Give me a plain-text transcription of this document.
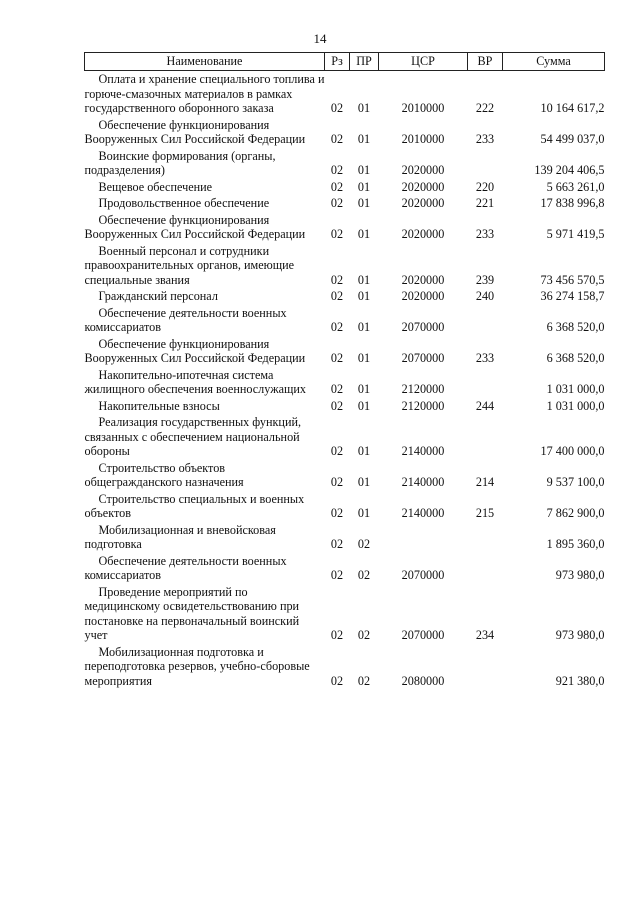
14
Наименование	Рз	ПР	ЦСР	ВР	Сумма

Оплата и хранение специального топлива и горюче-смазочных материалов в рамках государственного оборонного заказа	02	01	2010000	222	10 164 617,2

Обеспечение функционирования Вооруженных Сил Российской Федерации	02	01	2010000	233	54 499 037,0

Воинские формирования (органы, подразделения)	02	01	2020000		139 204 406,5

Вещевое обеспечение	02	01	2020000	220	5 663 261,0

Продовольственное обеспечение	02	01	2020000	221	17 838 996,8

Обеспечение функционирования Вооруженных Сил Российской Федерации	02	01	2020000	233	5 971 419,5

Военный персонал и сотрудники правоохранительных органов, имеющие специальные звания	02	01	2020000	239	73 456 570,5

Гражданский персонал	02	01	2020000	240	36 274 158,7

Обеспечение деятельности военных комиссариатов	02	01	2070000		6 368 520,0

Обеспечение функционирования Вооруженных Сил Российской Федерации	02	01	2070000	233	6 368 520,0

Накопительно-ипотечная система жилищного обеспечения военнослужащих	02	01	2120000		1 031 000,0

Накопительные взносы	02	01	2120000	244	1 031 000,0

Реализация государственных функций, связанных с обеспечением национальной обороны	02	01	2140000		17 400 000,0

Строительство объектов общегражданского назначения	02	01	2140000	214	9 537 100,0

Строительство специальных и военных объектов	02	01	2140000	215	7 862 900,0

Мобилизационная и вневойсковая подготовка	02	02			1 895 360,0

Обеспечение деятельности военных комиссариатов	02	02	2070000		973 980,0

Проведение мероприятий по медицинскому освидетельствованию при постановке на первоначальный воинский учет	02	02	2070000	234	973 980,0

Мобилизационная подготовка и переподготовка резервов, учебно-сборовые мероприятия	02	02	2080000		921 380,0
